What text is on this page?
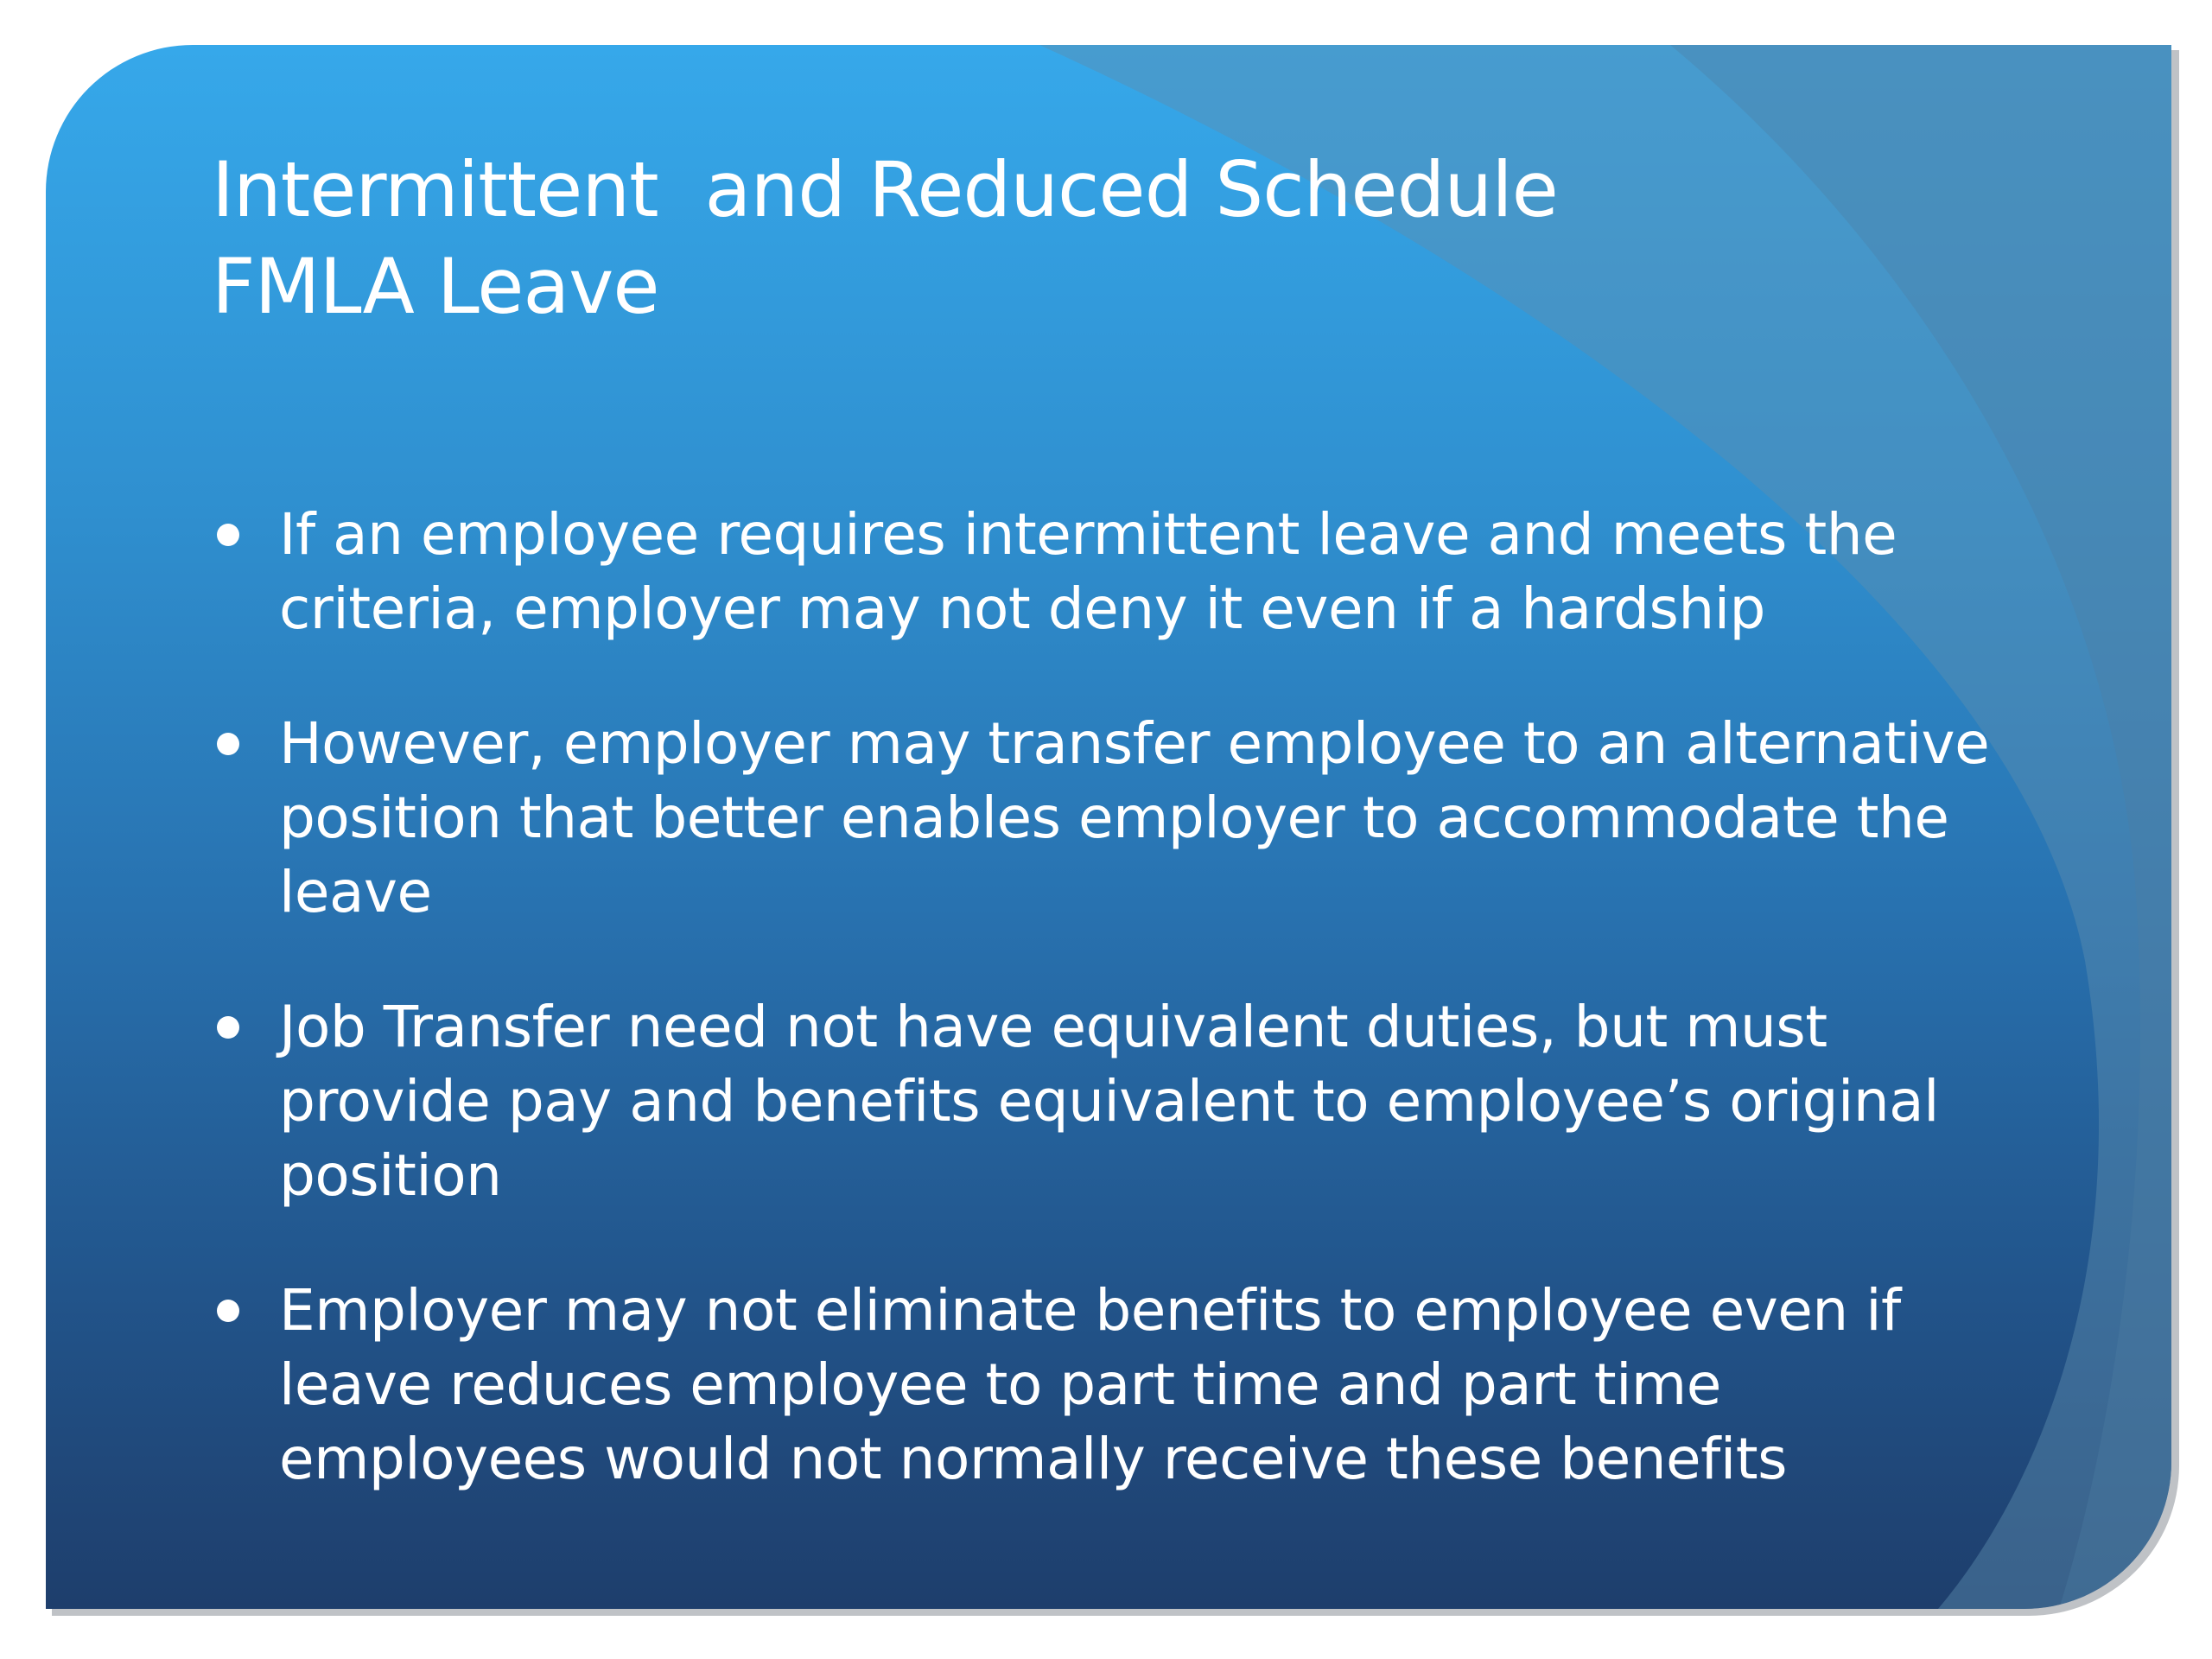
Intermittent  and Reduced Schedule
FMLA Leave
If an employee requires intermittent leave and meets the criteria, employer may not deny it even if a hardship
However, employer may transfer employee to an alternative position that better enables employer to accommodate the leave
Job Transfer need not have equivalent duties, but must provide pay and benefits equivalent to employee’s original position
Employer may not eliminate benefits to employee even if leave reduces employee to part time and part time employees would not normally receive these benefits
